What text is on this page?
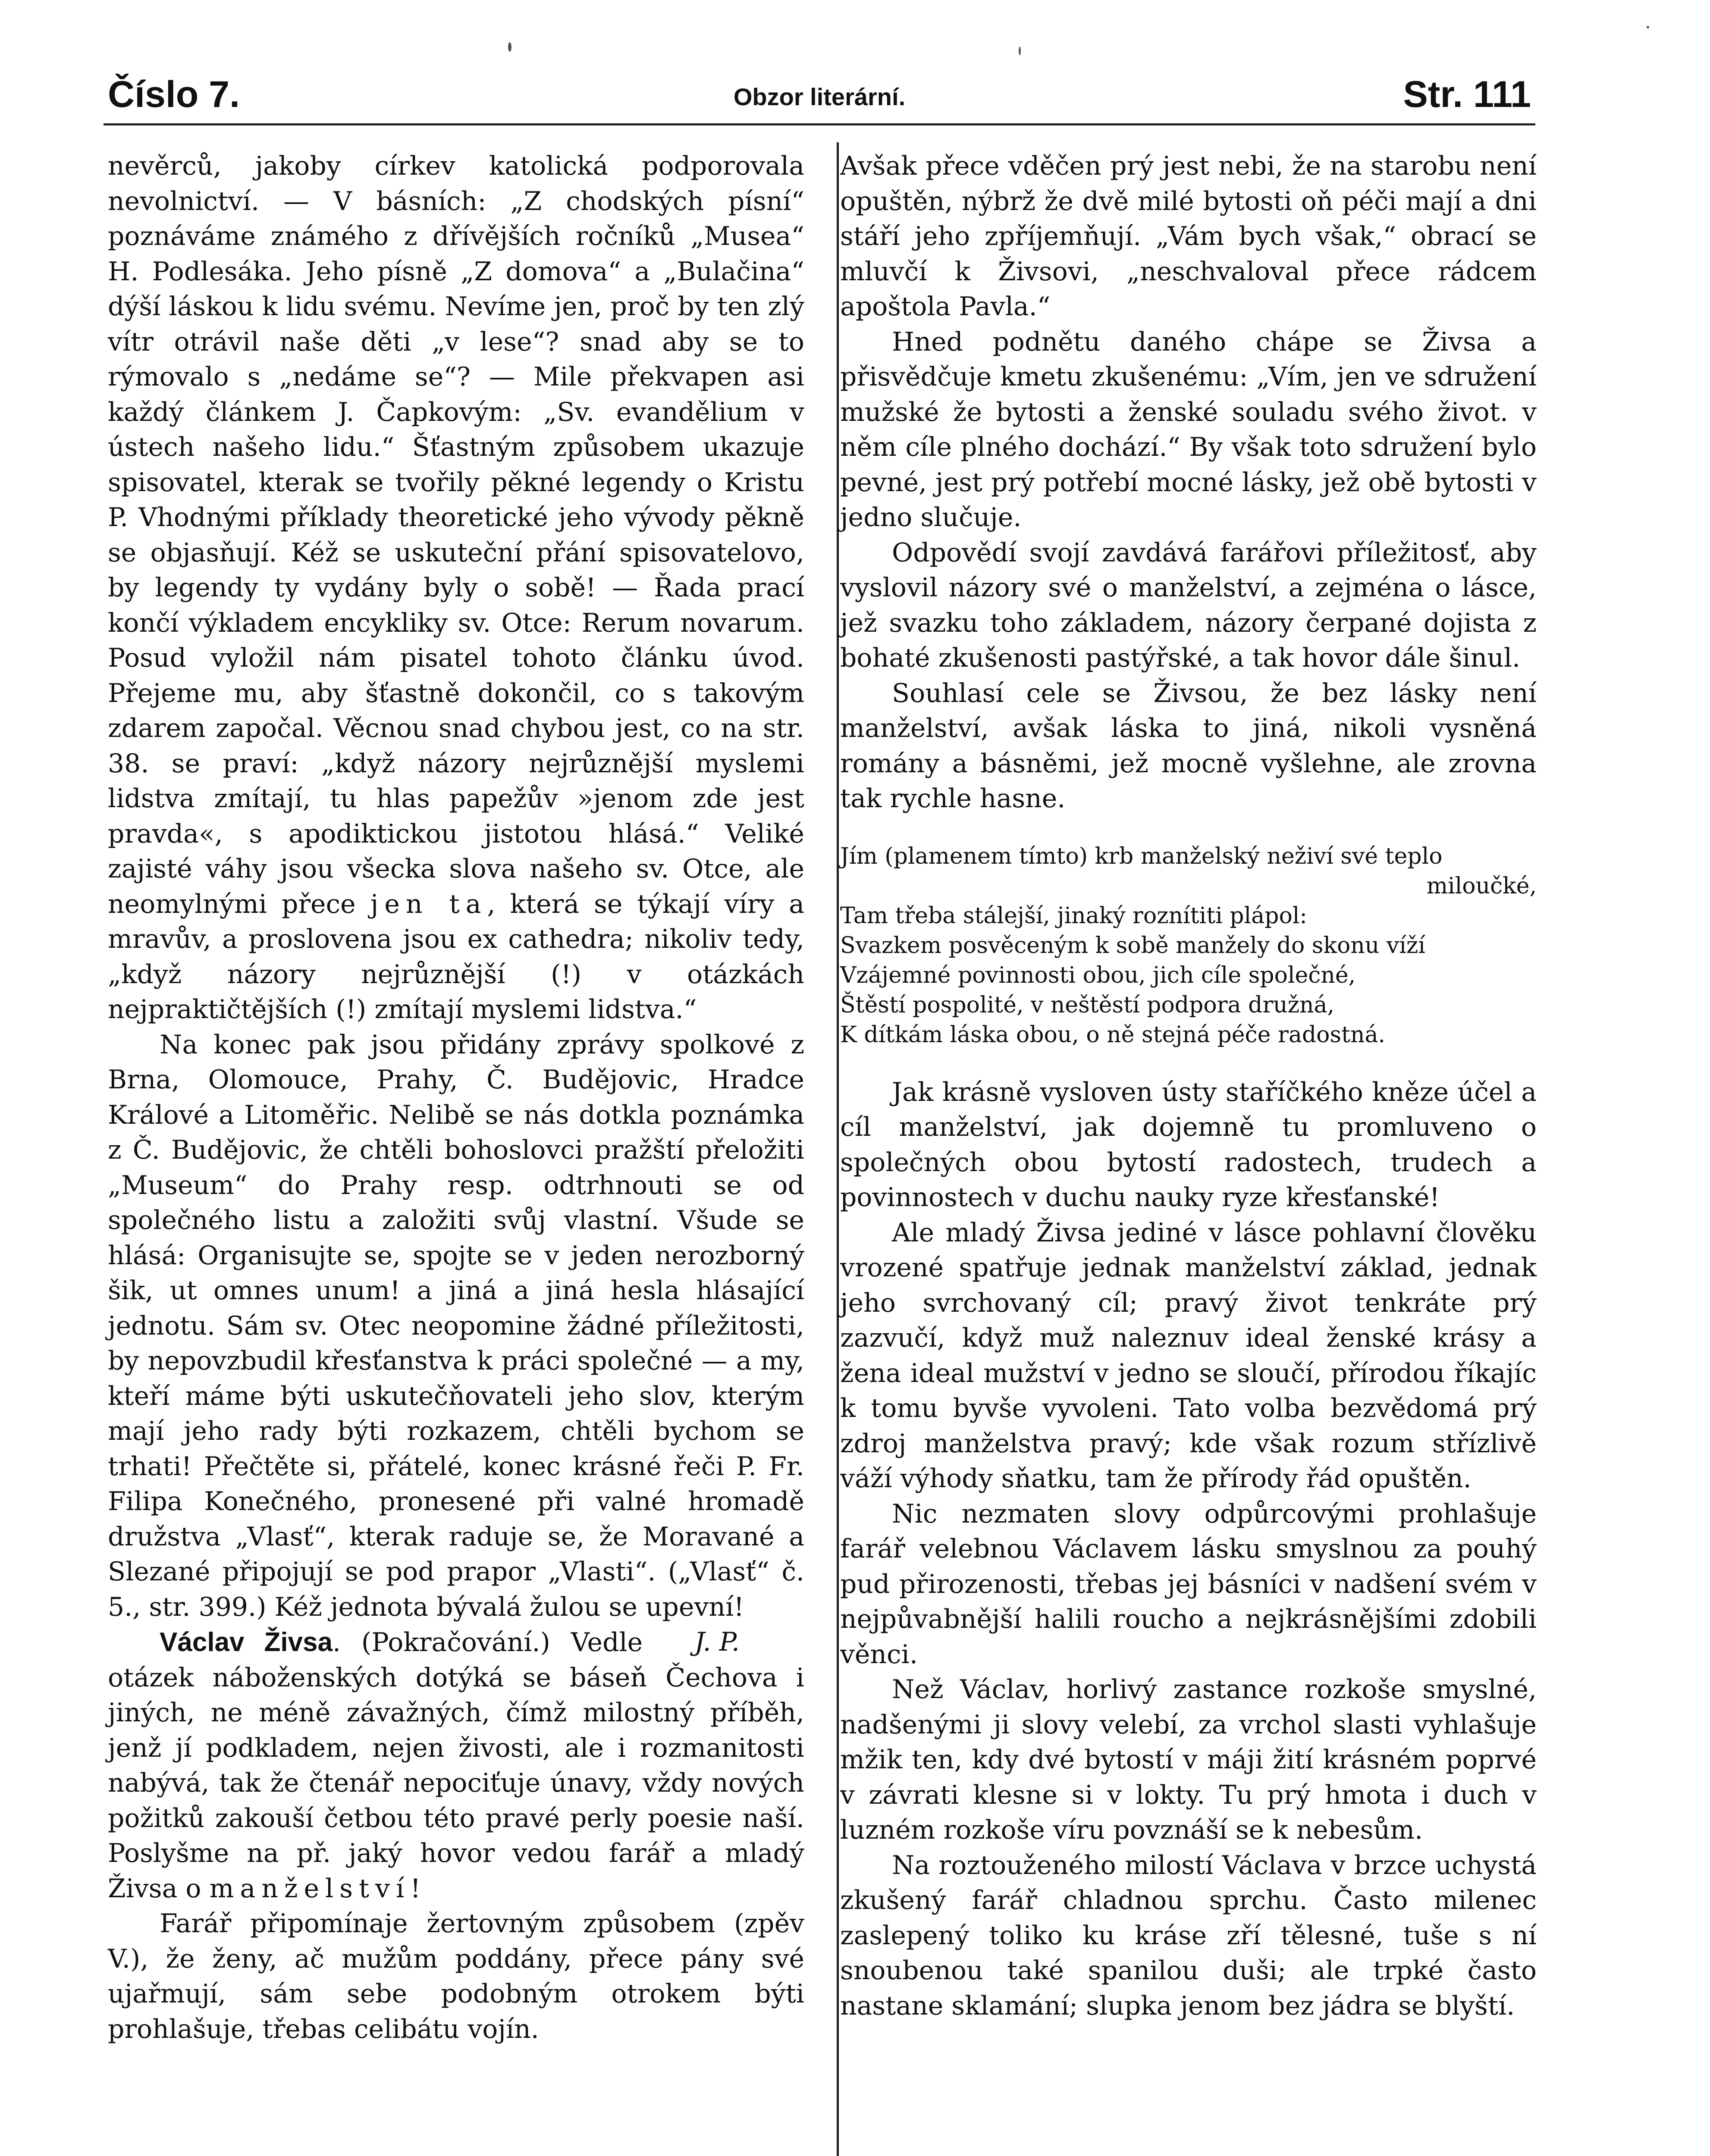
Číslo 7.	Obzor literární.	Str. 111

nevěrců, jakoby církev katolická podporovala nevolnictví. — V básních: „Z chodských písní“ poznáváme známého z dřívějších ročníků „Musea“ H. Podlesáka. Jeho písně „Z domova“ a „Bulačina“ dýší láskou k lidu svému. Nevíme jen, proč by ten zlý vítr otrávil naše děti „v lese“? snad aby se to rýmovalo s „nedáme se“? — Mile překvapen asi každý článkem J. Čapkovým: „Sv. evandělium v ústech našeho lidu.“ Šťastným způsobem ukazuje spisovatel, kterak se tvořily pěkné legendy o Kristu P. Vhodnými příklady theoretické jeho vývody pěkně se objasňují. Kéž se uskuteční přání spisovatelovo, by legendy ty vydány byly o sobě! — Řada prací končí výkladem encykliky sv. Otce: Rerum novarum. Posud vyložil nám pisatel tohoto článku úvod. Přejeme mu, aby šťastně dokončil, co s takovým zdarem započal. Věcnou snad chybou jest, co na str. 38. se praví: „když názory nejrůznější myslemi lidstva zmítají, tu hlas papežův »jenom zde jest pravda«, s apodiktickou jistotou hlásá.“ Veliké zajisté váhy jsou všecka slova našeho sv. Otce, ale neomylnými přece jen ta, která se týkají víry a mravův, a proslovena jsou ex cathedra; nikoliv tedy, „když názory nejrůznější (!) v otázkách nejpraktičtějších (!) zmítají myslemi lidstva.“

Na konec pak jsou přidány zprávy spolkové z Brna, Olomouce, Prahy, Č. Budějovic, Hradce Králové a Litoměřic. Nelibě se nás dotkla poznámka z Č. Budějovic, že chtěli bohoslovci pražští přeložiti „Museum“ do Prahy resp. odtrhnouti se od společného listu a založiti svůj vlastní. Všude se hlásá: Organisujte se, spojte se v jeden nerozborný šik, ut omnes unum! a jiná a jiná hesla hlásající jednotu. Sám sv. Otec neopomine žádné příležitosti, by nepovzbudil křesťanstva k práci společné — a my, kteří máme býti uskutečňovateli jeho slov, kterým mají jeho rady býti rozkazem, chtěli bychom se trhati! Přečtěte si, přátelé, konec krásné řeči P. Fr. Filipa Konečného, pronesené při valné hromadě družstva „Vlasť“, kterak raduje se, že Moravané a Slezané připojují se pod prapor „Vlasti“. („Vlasť“ č. 5., str. 399.) Kéž jednota bývalá žulou se upevní!
J. P.

Václav Živsa. (Pokračování.) Vedle otázek náboženských dotýká se báseň Čechova i jiných, ne méně závažných, čímž milostný příběh, jenž jí podkladem, nejen živosti, ale i rozmanitosti nabývá, tak že čtenář nepociťuje únavy, vždy nových požitků zakouší četbou této pravé perly poesie naší. Poslyšme na př. jaký hovor vedou farář a mladý Živsa o manželství!

Farář připomínaje žertovným způsobem (zpěv V.), že ženy, ač mužům poddány, přece pány své ujařmují, sám sebe podobným otrokem býti prohlašuje, třebas celibátu vojín.

Avšak přece vděčen prý jest nebi, že na starobu není opuštěn, nýbrž že dvě milé bytosti oň péči mají a dni stáří jeho zpříjemňují. „Vám bych však,“ obrací se mluvčí k Živsovi, „neschvaloval přece rádcem apoštola Pavla.“

Hned podnětu daného chápe se Živsa a přisvědčuje kmetu zkušenému: „Vím, jen ve sdružení mužské že bytosti a ženské souladu svého život. v něm cíle plného dochází.“ By však toto sdružení bylo pevné, jest prý potřebí mocné lásky, jež obě bytosti v jedno slučuje.

Odpovědí svojí zavdává farářovi příležitosť, aby vyslovil názory své o manželství, a zejména o lásce, jež svazku toho základem, názory čerpané dojista z bohaté zkušenosti pastýřské, a tak hovor dále šinul.

Souhlasí cele se Živsou, že bez lásky není manželství, avšak láska to jiná, nikoli vysněná romány a básněmi, jež mocně vyšlehne, ale zrovna tak rychle hasne.

Jím (plamenem tímto) krb manželský neživí své teplo
miloučké,
Tam třeba stálejší, jinaký roznítiti plápol:
Svazkem posvěceným k sobě manžely do skonu víží
Vzájemné povinnosti obou, jich cíle společné,
Štěstí pospolité, v neštěstí podpora družná,
K dítkám láska obou, o ně stejná péče radostná.

Jak krásně vysloven ústy staříčkého kněze účel a cíl manželství, jak dojemně tu promluveno o společných obou bytostí radostech, trudech a povinnostech v duchu nauky ryze křesťanské!

Ale mladý Živsa jediné v lásce pohlavní člověku vrozené spatřuje jednak manželství základ, jednak jeho svrchovaný cíl; pravý život tenkráte prý zazvučí, když muž naleznuv ideal ženské krásy a žena ideal mužství v jedno se sloučí, přírodou říkajíc k tomu byvše vyvoleni. Tato volba bezvědomá prý zdroj manželstva pravý; kde však rozum střízlivě váží výhody sňatku, tam že přírody řád opuštěn.

Nic nezmaten slovy odpůrcovými prohlašuje farář velebnou Václavem lásku smyslnou za pouhý pud přirozenosti, třebas jej básníci v nadšení svém v nejpůvabnější halili roucho a nejkrásnějšími zdobili věnci.

Než Václav, horlivý zastance rozkoše smyslné, nadšenými ji slovy velebí, za vrchol slasti vyhlašuje mžik ten, kdy dvé bytostí v máji žití krásném poprvé v závrati klesne si v lokty. Tu prý hmota i duch v luzném rozkoše víru povznáší se k nebesům.

Na roztouženého milostí Václava v brzce uchystá zkušený farář chladnou sprchu. Často milenec zaslepený toliko ku kráse zří tělesné, tuše s ní snoubenou také spanilou duši; ale trpké často nastane sklamání; slupka jenom bez jádra se blyští.
